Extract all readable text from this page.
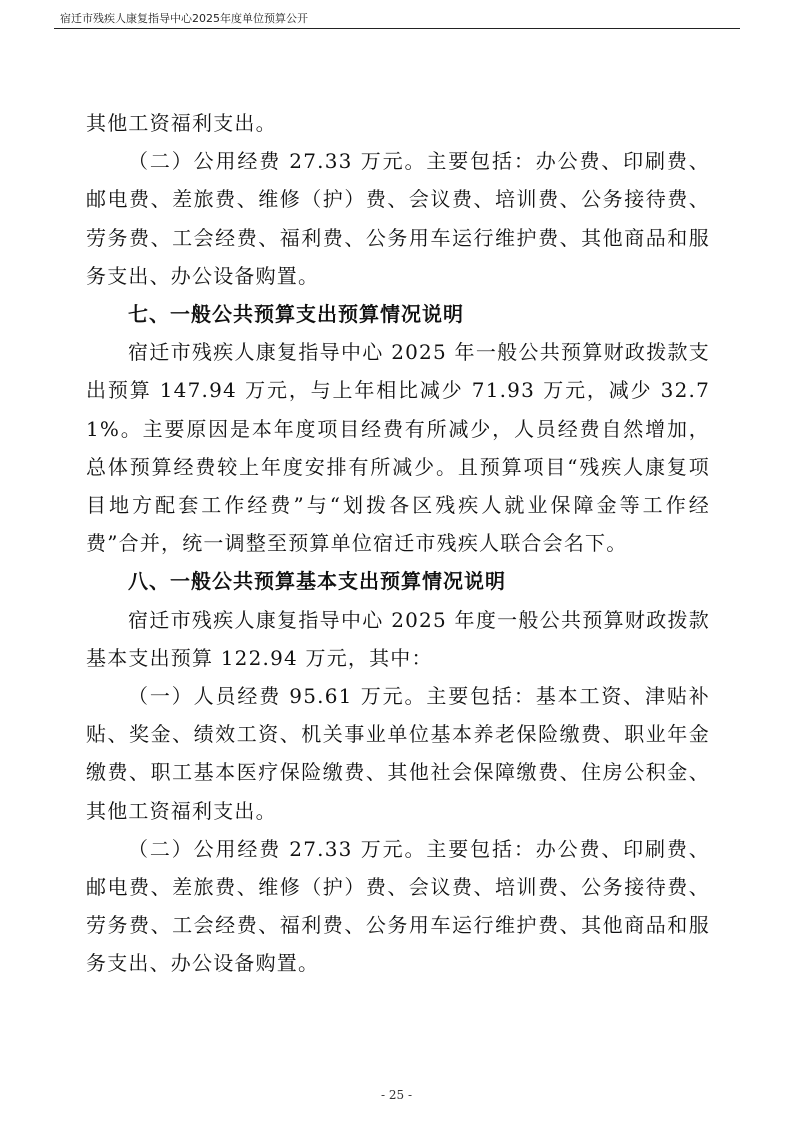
宿迁市残疾人康复指导中心2025年度单位预算公开

其他工资福利支出。

（二）公用经费 27.33 万元。主要包括：办公费、印刷费、邮电费、差旅费、维修（护）费、会议费、培训费、公务接待费、劳务费、工会经费、福利费、公务用车运行维护费、其他商品和服务支出、办公设备购置。

七、一般公共预算支出预算情况说明

宿迁市残疾人康复指导中心 2025 年一般公共预算财政拨款支出预算 147.94 万元，与上年相比减少 71.93 万元，减少 32.71%。主要原因是本年度项目经费有所减少，人员经费自然增加，总体预算经费较上年度安排有所减少。且预算项目“残疾人康复项目地方配套工作经费”与“划拨各区残疾人就业保障金等工作经费”合并，统一调整至预算单位宿迁市残疾人联合会名下。

八、一般公共预算基本支出预算情况说明

宿迁市残疾人康复指导中心 2025 年度一般公共预算财政拨款基本支出预算 122.94 万元，其中：

（一）人员经费 95.61 万元。主要包括：基本工资、津贴补贴、奖金、绩效工资、机关事业单位基本养老保险缴费、职业年金缴费、职工基本医疗保险缴费、其他社会保障缴费、住房公积金、其他工资福利支出。

（二）公用经费 27.33 万元。主要包括：办公费、印刷费、邮电费、差旅费、维修（护）费、会议费、培训费、公务接待费、劳务费、工会经费、福利费、公务用车运行维护费、其他商品和服务支出、办公设备购置。

- 25 -
